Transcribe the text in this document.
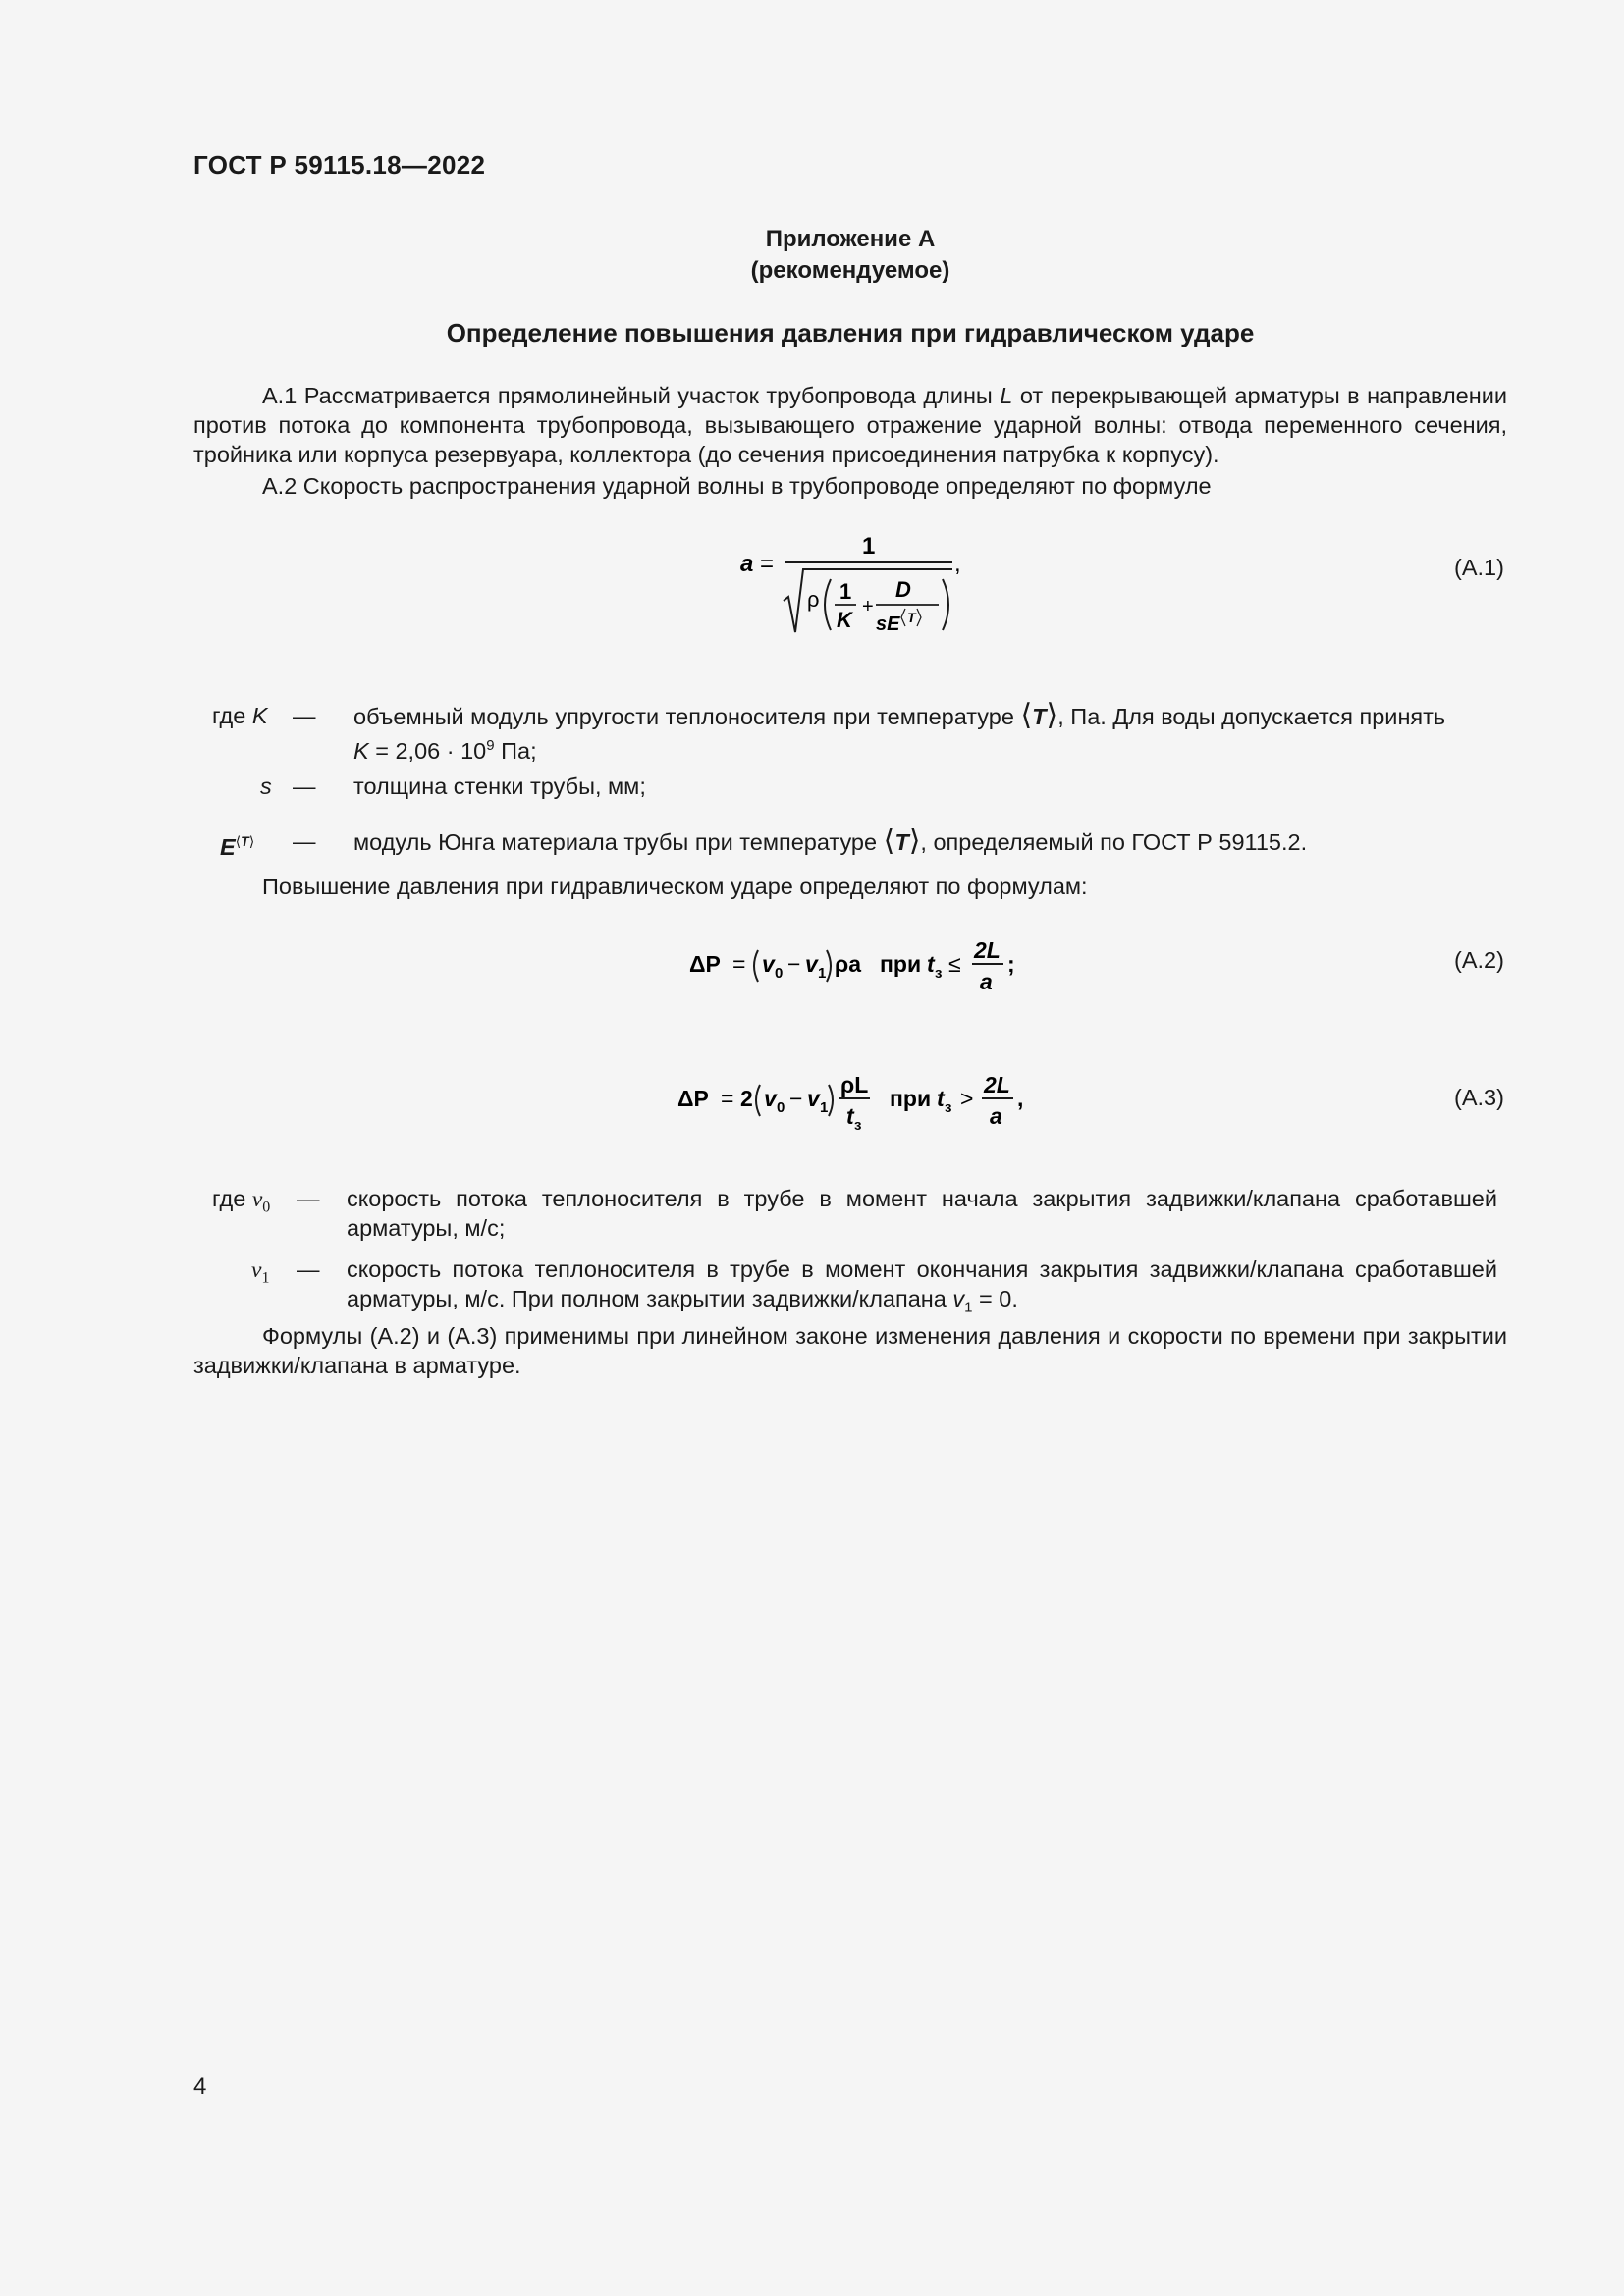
ГОСТ Р 59115.18—2022
Приложение А
(рекомендуемое)
Определение повышения давления при гидравлическом ударе
А.1 Рассматривается прямолинейный участок трубопровода длины L от перекрывающей арматуры в направлении против потока до компонента трубопровода, вызывающего отражение ударной волны: отвода переменного сечения, тройника или корпуса резервуара, коллектора (до сечения присоединения патрубка к корпусу).
А.2 Скорость распространения ударной волны в трубопроводе определяют по формуле
a =
1
ρ 1
K
+
D
sE T
,	(А.1)
где K — объемный модуль упругости теплоносителя при температуре ⟨T⟩, Па. Для воды допускается принять
$K = 2,06 \cdot 10^9$ Па;
s — толщина стенки трубы, мм;
$E^{⟨T⟩}$ — модуль Юнга материала трубы при температуре ⟨T⟩, определяемый по ГОСТ Р 59115.2.
Повышение давления при гидравлическом ударе определяют по формулам:
ΔP = v 0 − v 1 ρa при t з ≤
2L
a
;	(А.2)
ΔP = 2 v 0 − v 1
ρL
t з
при t з >
2L
a
,	(А.3)
где $v_0$ — скорость потока теплоносителя в трубе в момент начала закрытия задвижки/клапана сработавшей арматуры, м/с;
$v_1$ — скорость потока теплоносителя в трубе в момент окончания закрытия задвижки/клапана сработавшей арматуры, м/с. При полном закрытии задвижки/клапана $v_1 = 0$.
Формулы (А.2) и (А.3) применимы при линейном законе изменения давления и скорости по времени при закрытии задвижки/клапана в арматуре.
4
